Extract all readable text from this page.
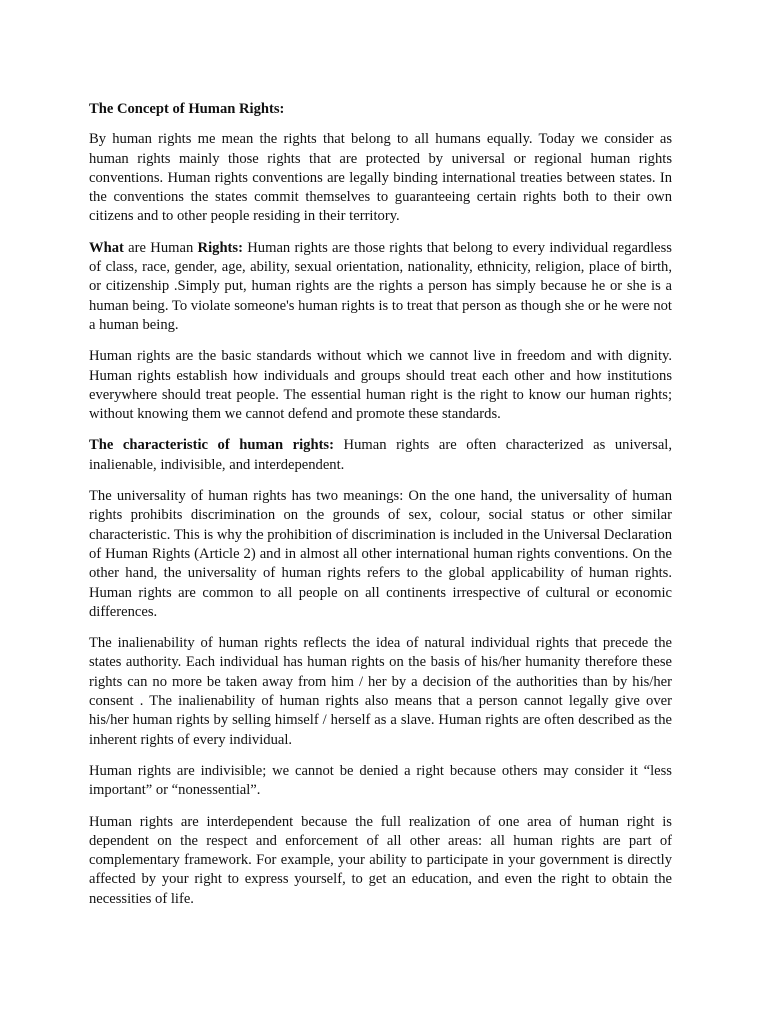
The Concept of Human Rights:

By human rights me mean the rights that belong to all humans equally. Today we consider as human rights mainly those rights that are protected by universal or regional human rights conventions. Human rights conventions are legally binding international treaties between states. In the conventions the states commit themselves to guaranteeing certain rights both to their own citizens and to other people residing in their territory.

What are Human Rights: Human rights are those rights that belong to every individual regardless of class, race, gender, age, ability, sexual orientation, nationality, ethnicity, religion, place of birth, or citizenship .Simply put, human rights are the rights a person has simply because he or she is a human being. To violate someone's human rights is to treat that person as though she or he were not a human being.

Human rights are the basic standards without which we cannot live in freedom and with dignity. Human rights establish how individuals and groups should treat each other and how institutions everywhere should treat people. The essential human right is the right to know our human rights; without knowing them we cannot defend and promote these standards.

The characteristic of human rights: Human rights are often characterized as universal, inalienable, indivisible, and interdependent.

The universality of human rights has two meanings: On the one hand, the universality of human rights prohibits discrimination on the grounds of sex, colour, social status or other similar characteristic. This is why the prohibition of discrimination is included in the Universal Declaration of Human Rights (Article 2) and in almost all other international human rights conventions. On the other hand, the universality of human rights refers to the global applicability of human rights. Human rights are common to all people on all continents irrespective of cultural or economic differences.

The inalienability of human rights reflects the idea of natural individual rights that precede the states authority. Each individual has human rights on the basis of his/her humanity therefore these rights can no more be taken away from him / her by a decision of the authorities than by his/her consent . The inalienability of human rights also means that a person cannot legally give over his/her human rights by selling himself / herself as a slave. Human rights are often described as the inherent rights of every individual.

Human rights are indivisible; we cannot be denied a right because others may consider it “less important” or “nonessential”.

Human rights are interdependent because the full realization of one area of human right is dependent on the respect and enforcement of all other areas: all human rights are part of complementary framework. For example, your ability to participate in your government is directly affected by your right to express yourself, to get an education, and even the right to obtain the necessities of life.
